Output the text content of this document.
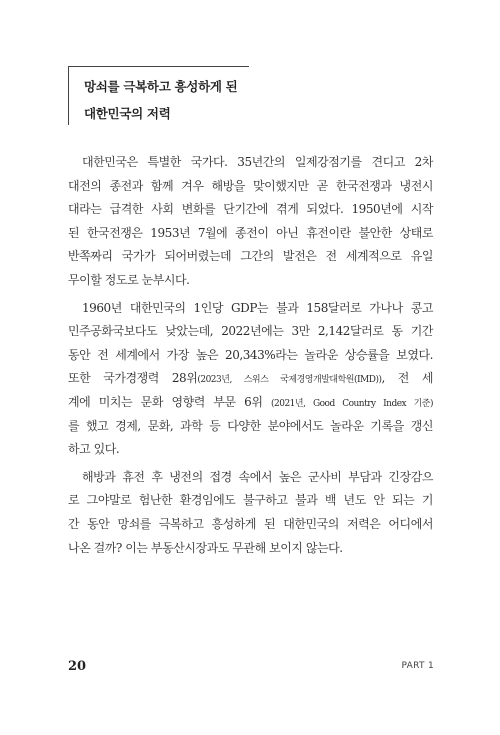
망쇠를 극복하고 흥성하게 된
대한민국의 저력
대한민국은 특별한 국가다. 35년간의 일제강점기를 견디고 2차
대전의 종전과 함께 겨우 해방을 맞이했지만 곧 한국전쟁과 냉전시
대라는 급격한 사회 변화를 단기간에 겪게 되었다. 1950년에 시작
된 한국전쟁은 1953년 7월에 종전이 아닌 휴전이란 불안한 상태로
반쪽짜리 국가가 되어버렸는데 그간의 발전은 전 세계적으로 유일
무이할 정도로 눈부시다.
1960년 대한민국의 1인당 GDP는 불과 158달러로 가나나 콩고
민주공화국보다도 낮았는데, 2022년에는 3만 2,142달러로 동 기간
동안 전 세계에서 가장 높은 20,343%라는 놀라운 상승률을 보였다.
또한 국가경쟁력 28위(2023년, 스위스 국제경영개발대학원(IMD)), 전 세
계에 미치는 문화 영향력 부문 6위 (2021년, Good Country Index 기준)
를 했고 경제, 문화, 과학 등 다양한 분야에서도 놀라운 기록을 갱신
하고 있다.
해방과 휴전 후 냉전의 접경 속에서 높은 군사비 부담과 긴장감으
로 그야말로 험난한 환경임에도 불구하고 불과 백 년도 안 되는 기
간 동안 망쇠를 극복하고 흥성하게 된 대한민국의 저력은 어디에서
나온 걸까? 이는 부동산시장과도 무관해 보이지 않는다.
20	PART 1
